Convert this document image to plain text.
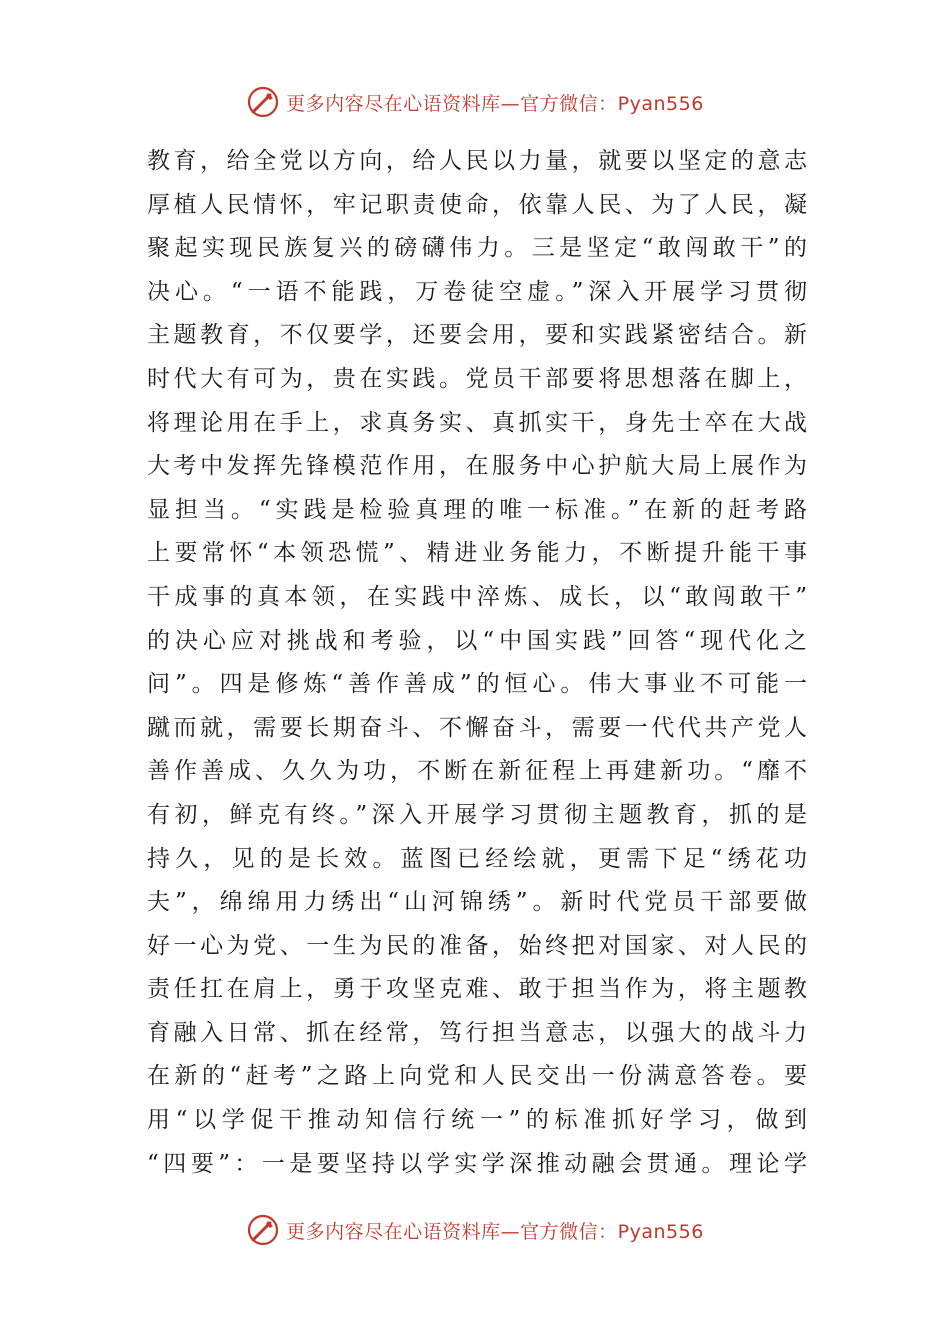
更多内容尽在心语资料库—官方微信：Pyan556
教育，给全党以方向，给人民以力量，就要以坚定的意志
厚植人民情怀，牢记职责使命，依靠人民、为了人民，凝
聚起实现民族复兴的磅礴伟力。三是坚定“敢闯敢干”的
决心。“一语不能践，万卷徒空虚。”深入开展学习贯彻
主题教育，不仅要学，还要会用，要和实践紧密结合。新
时代大有可为，贵在实践。党员干部要将思想落在脚上，
将理论用在手上，求真务实、真抓实干，身先士卒在大战
大考中发挥先锋模范作用，在服务中心护航大局上展作为
显担当。“实践是检验真理的唯一标准。”在新的赶考路
上要常怀“本领恐慌”、精进业务能力，不断提升能干事
干成事的真本领，在实践中淬炼、成长，以“敢闯敢干”
的决心应对挑战和考验，以“中国实践”回答“现代化之
问”。四是修炼“善作善成”的恒心。伟大事业不可能一
蹴而就，需要长期奋斗、不懈奋斗，需要一代代共产党人
善作善成、久久为功，不断在新征程上再建新功。“靡不
有初，鲜克有终。”深入开展学习贯彻主题教育，抓的是
持久，见的是长效。蓝图已经绘就，更需下足“绣花功
夫”，绵绵用力绣出“山河锦绣”。新时代党员干部要做
好一心为党、一生为民的准备，始终把对国家、对人民的
责任扛在肩上，勇于攻坚克难、敢于担当作为，将主题教
育融入日常、抓在经常，笃行担当意志，以强大的战斗力
在新的“赶考”之路上向党和人民交出一份满意答卷。要
用“以学促干推动知信行统一”的标准抓好学习，做到
“四要”：一是要坚持以学实学深推动融会贯通。理论学
更多内容尽在心语资料库—官方微信：Pyan556
